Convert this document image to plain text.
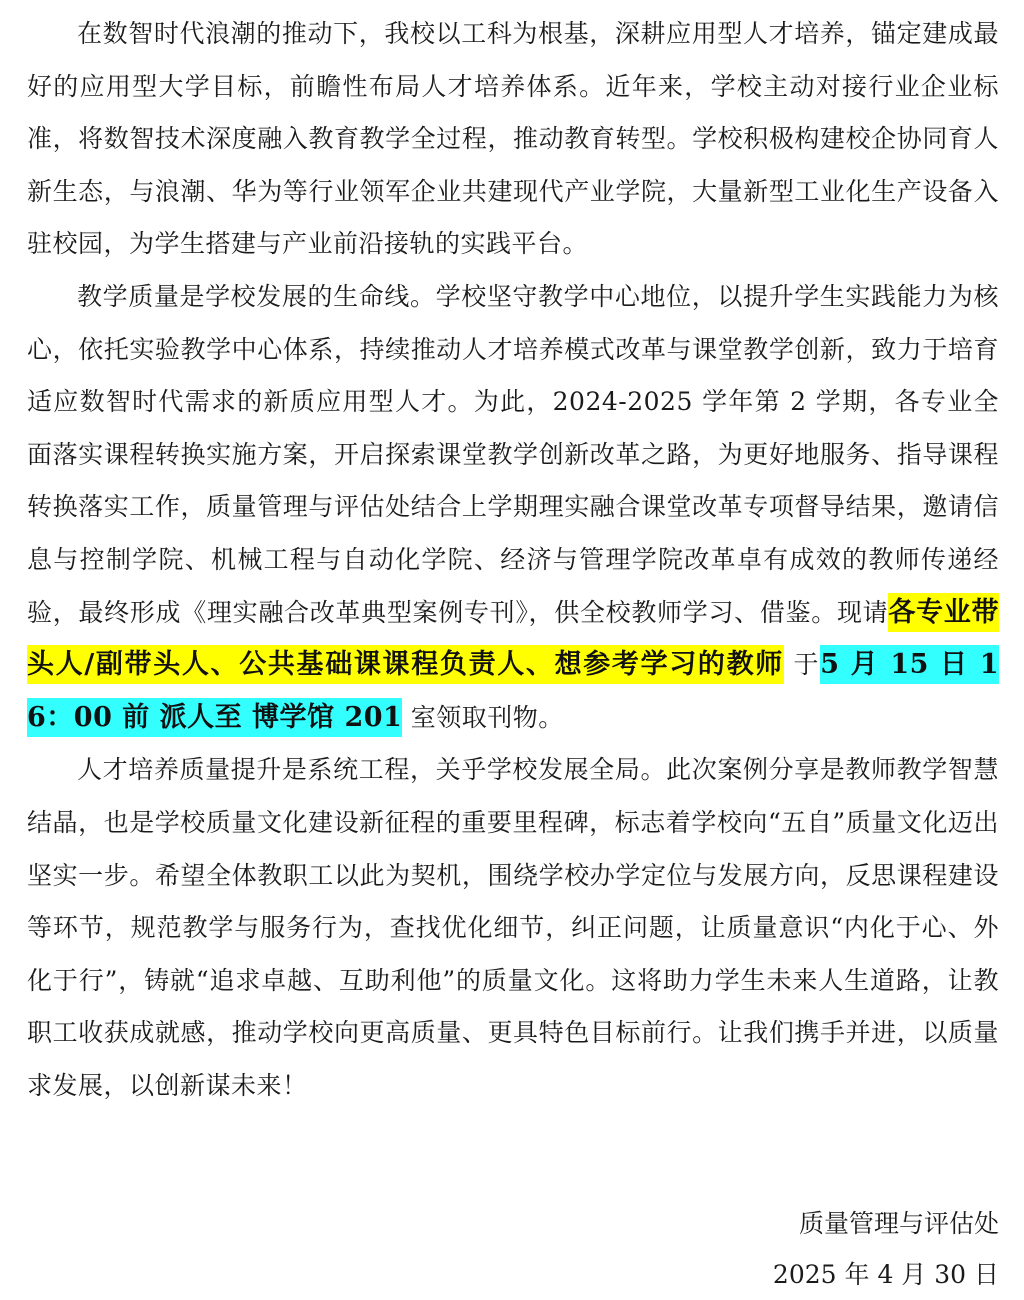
在数智时代浪潮的推动下，我校以工科为根基，深耕应用型人才培养，锚定建成最好的应用型大学目标，前瞻性布局人才培养体系。近年来，学校主动对接行业企业标准，将数智技术深度融入教育教学全过程，推动教育转型。学校积极构建校企协同育人新生态，与浪潮、华为等行业领军企业共建现代产业学院，大量新型工业化生产设备入驻校园，为学生搭建与产业前沿接轨的实践平台。

教学质量是学校发展的生命线。学校坚守教学中心地位，以提升学生实践能力为核心，依托实验教学中心体系，持续推动人才培养模式改革与课堂教学创新，致力于培育适应数智时代需求的新质应用型人才。为此，2024-2025 学年第 2 学期，各专业全面落实课程转换实施方案，开启探索课堂教学创新改革之路，为更好地服务、指导课程转换落实工作，质量管理与评估处结合上学期理实融合课堂改革专项督导结果，邀请信息与控制学院、机械工程与自动化学院、经济与管理学院改革卓有成效的教师传递经验，最终形成《理实融合改革典型案例专刊》，供全校教师学习、借鉴。现请各专业带头人/副带头人、公共基础课课程负责人、想参考学习的教师 于5 月 15 日 16：00 前 派人至 博学馆 201 室领取刊物。

人才培养质量提升是系统工程，关乎学校发展全局。此次案例分享是教师教学智慧结晶，也是学校质量文化建设新征程的重要里程碑，标志着学校向“五自”质量文化迈出坚实一步。希望全体教职工以此为契机，围绕学校办学定位与发展方向，反思课程建设等环节，规范教学与服务行为，查找优化细节，纠正问题，让质量意识“内化于心、外化于行”，铸就“追求卓越、互助利他”的质量文化。这将助力学生未来人生道路，让教职工收获成就感，推动学校向更高质量、更具特色目标前行。让我们携手并进，以质量求发展，以创新谋未来！

质量管理与评估处
2025 年 4 月 30 日
